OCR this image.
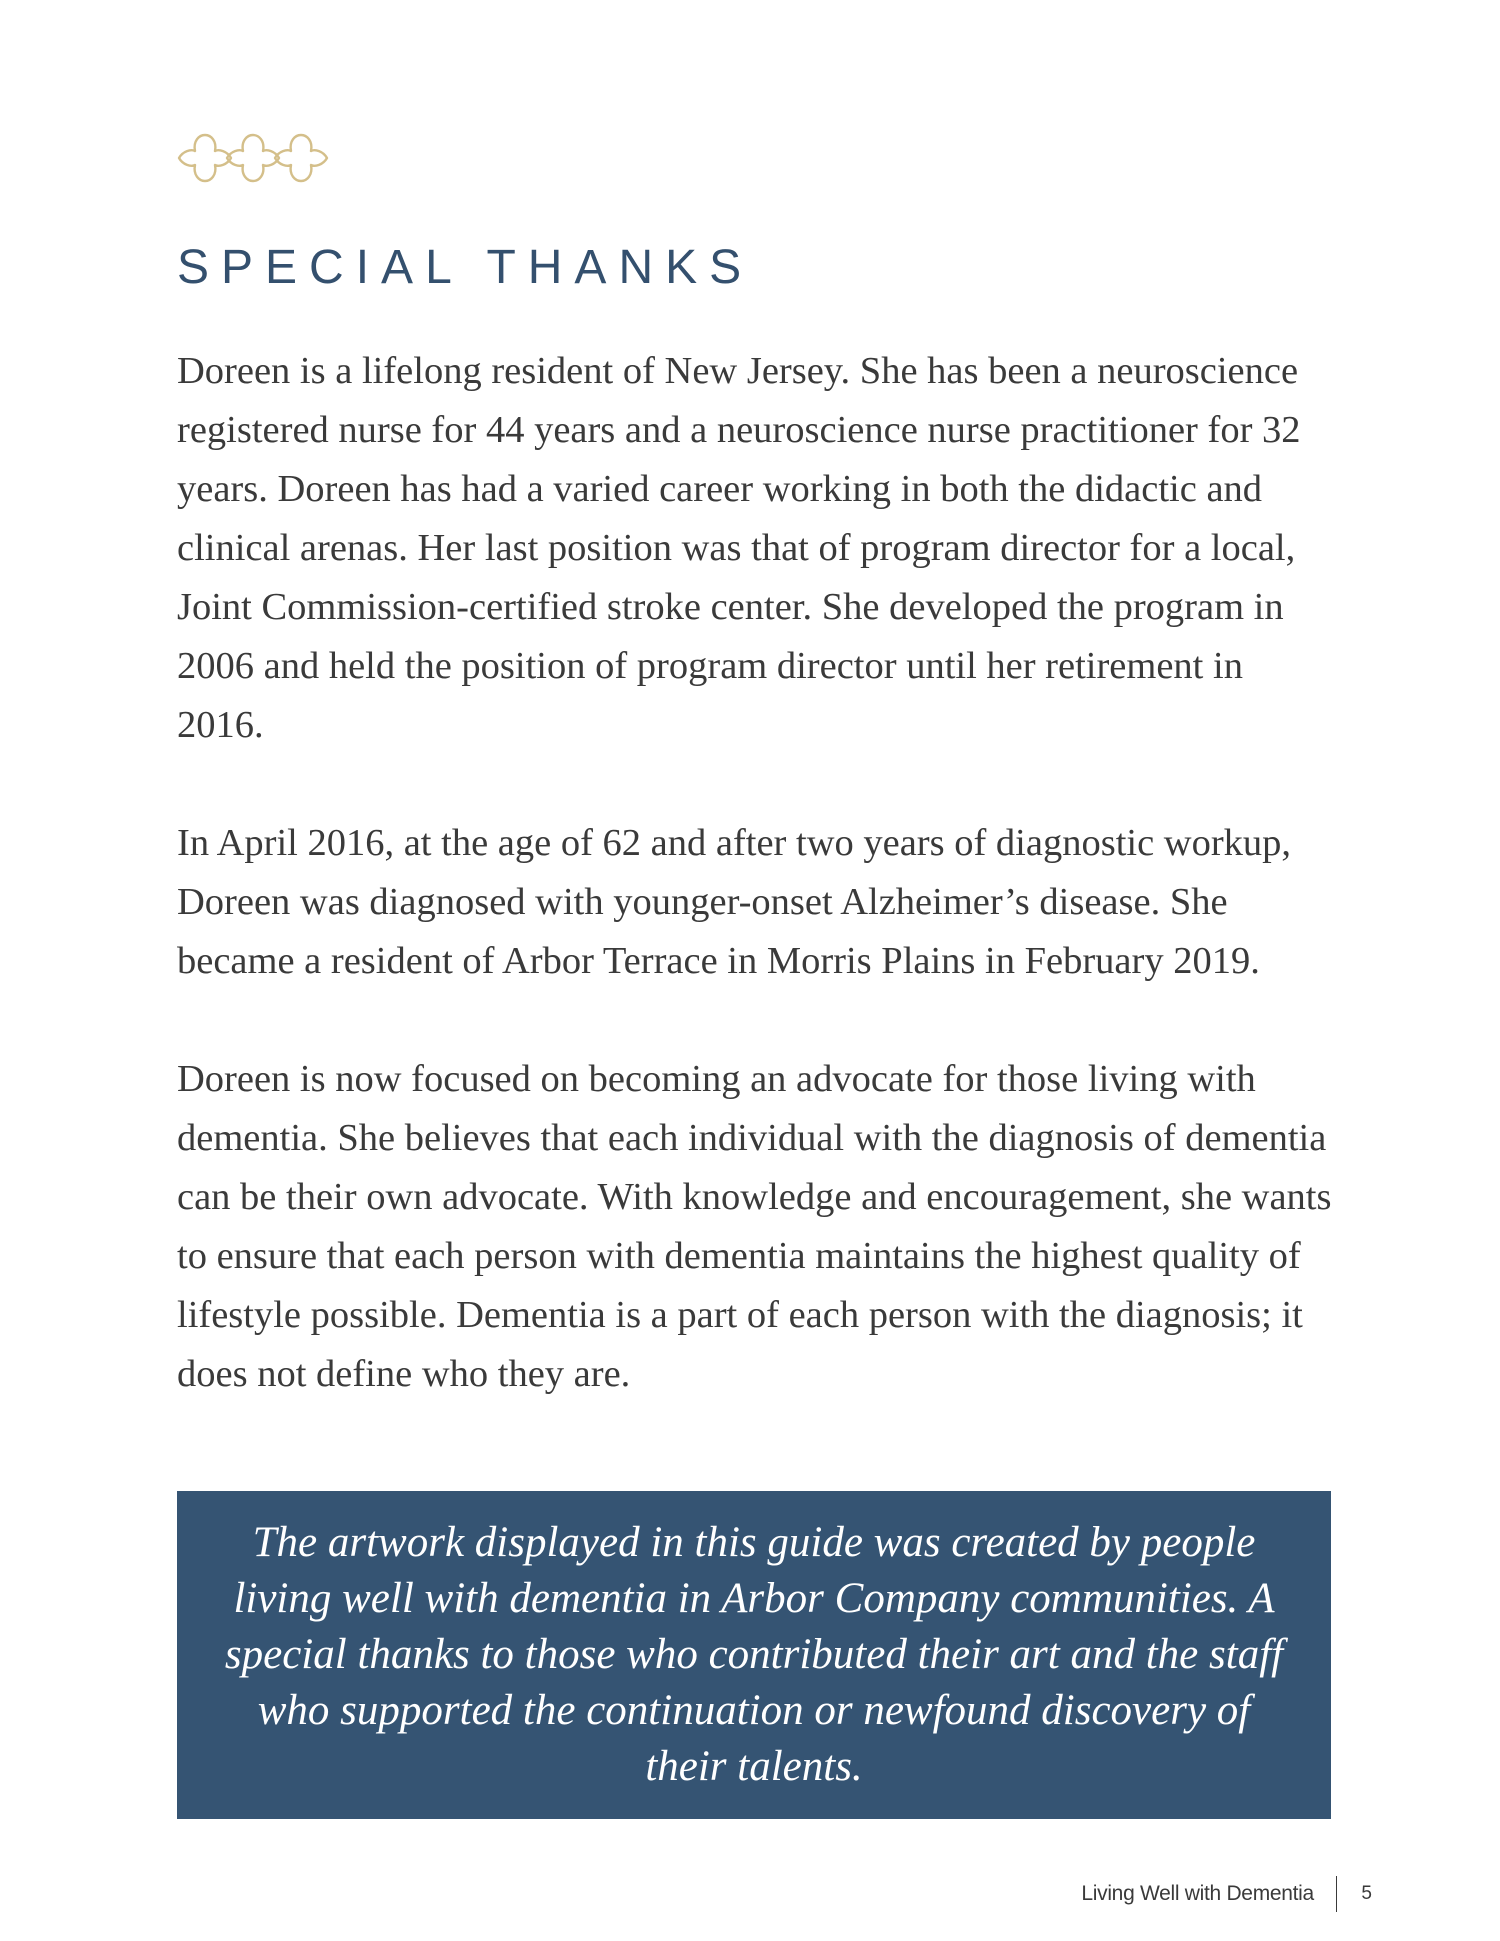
SPECIAL THANKS

Doreen is a lifelong resident of New Jersey. She has been a neuroscience registered nurse for 44 years and a neuroscience nurse practitioner for 32 years. Doreen has had a varied career working in both the didactic and clinical arenas. Her last position was that of program director for a local, Joint Commission-certified stroke center. She developed the program in 2006 and held the position of program director until her retirement in 2016.

In April 2016, at the age of 62 and after two years of diagnostic workup, Doreen was diagnosed with younger-onset Alzheimer’s disease. She became a resident of Arbor Terrace in Morris Plains in February 2019.

Doreen is now focused on becoming an advocate for those living with dementia. She believes that each individual with the diagnosis of dementia can be their own advocate. With knowledge and encouragement, she wants to ensure that each person with dementia maintains the highest quality of lifestyle possible. Dementia is a part of each person with the diagnosis; it does not define who they are.

The artwork displayed in this guide was created by people living well with dementia in Arbor Company communities. A special thanks to those who contributed their art and the staff who supported the continuation or newfound discovery of their talents.

Living Well with Dementia	5
